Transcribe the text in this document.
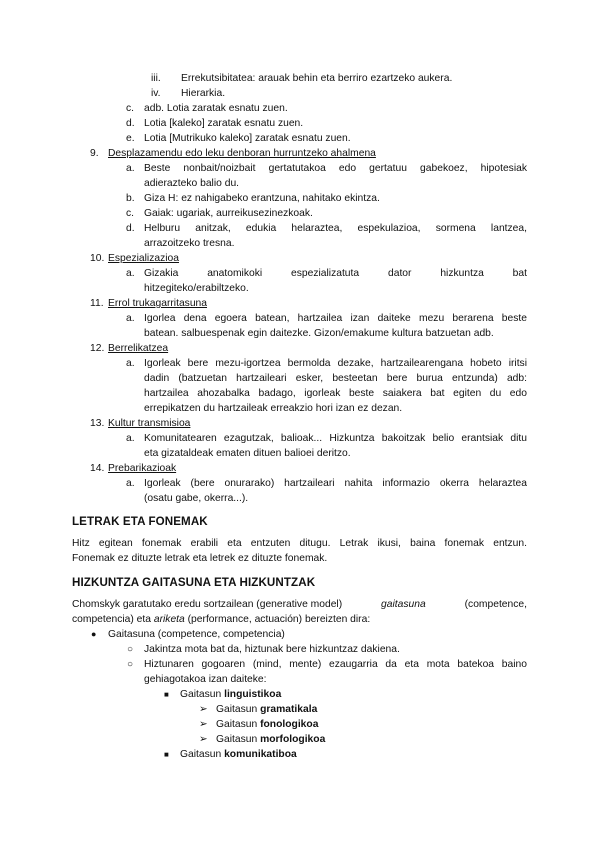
iii. Errekutsibitatea: arauak behin eta berriro ezartzeko aukera.
iv. Hierarkia.
c. adb. Lotia zaratak esnatu zuen.
d. Lotia [kaleko] zaratak esnatu zuen.
e. Lotia [Mutrikuko kaleko] zaratak esnatu zuen.
9. Desplazamendu edo leku denboran hurruntzeko ahalmena
a. Beste nonbait/noizbait gertatutakoa edo gertatuu gabekoez, hipotesiak
adierazteko balio du.
b. Giza H: ez nahigabeko erantzuna, nahitako ekintza.
c. Gaiak: ugariak, aurreikusezinezkoak.
d. Helburu anitzak, edukia helaraztea, espekulazioa, sormena lantzea,
arrazoitzeko tresna.
10. Espezializazioa
a. Gizakia anatomikoki espezializatuta dator hizkuntza bat
hitzegiteko/erabiltzeko.
11. Errol trukagarritasuna
a. Igorlea dena egoera batean, hartzailea izan daiteke mezu berarena beste
batean. salbuespenak egin daitezke. Gizon/emakume kultura batzuetan adb.
12. Berrelikatzea
a. Igorleak bere mezu-igortzea bermolda dezake, hartzailearengana hobeto iritsi
dadin (batzuetan hartzaileari esker, besteetan bere burua entzunda) adb:
hartzailea ahozabalka badago, igorleak beste saiakera bat egiten du edo
errepikatzen du hartzaileak erreakzio hori izan ez dezan.
13. Kultur transmisioa
a. Komunitatearen ezagutzak, balioak... Hizkuntza bakoitzak belio erantsiak ditu
eta gizataldeak ematen dituen balioei deritzo.
14. Prebarikazioak
a. Igorleak (bere onurarako) hartzaileari nahita informazio okerra helaraztea
(osatu gabe, okerra...).
LETRAK ETA FONEMAK
Hitz egitean fonemak erabili eta entzuten ditugu. Letrak ikusi, baina fonemak entzun.
Fonemak ez dituzte letrak eta letrek ez dituzte fonemak.
HIZKUNTZA GAITASUNA ETA HIZKUNTZAK
Chomskyk garatutako eredu sortzailean (generative model)	gaitasuna	(competence,
competencia) eta ariketa (performance, actuación) bereizten dira:
● Gaitasuna (competence, competencia)
○ Jakintza mota bat da, hiztunak bere hizkuntzaz dakiena.
○ Hiztunaren gogoaren (mind, mente) ezaugarria da eta mota batekoa baino
gehiagotakoa izan daiteke:
■ Gaitasun linguistikoa
➢ Gaitasun gramatikala
➢ Gaitasun fonologikoa
➢ Gaitasun morfologikoa
■ Gaitasun komunikatiboa
